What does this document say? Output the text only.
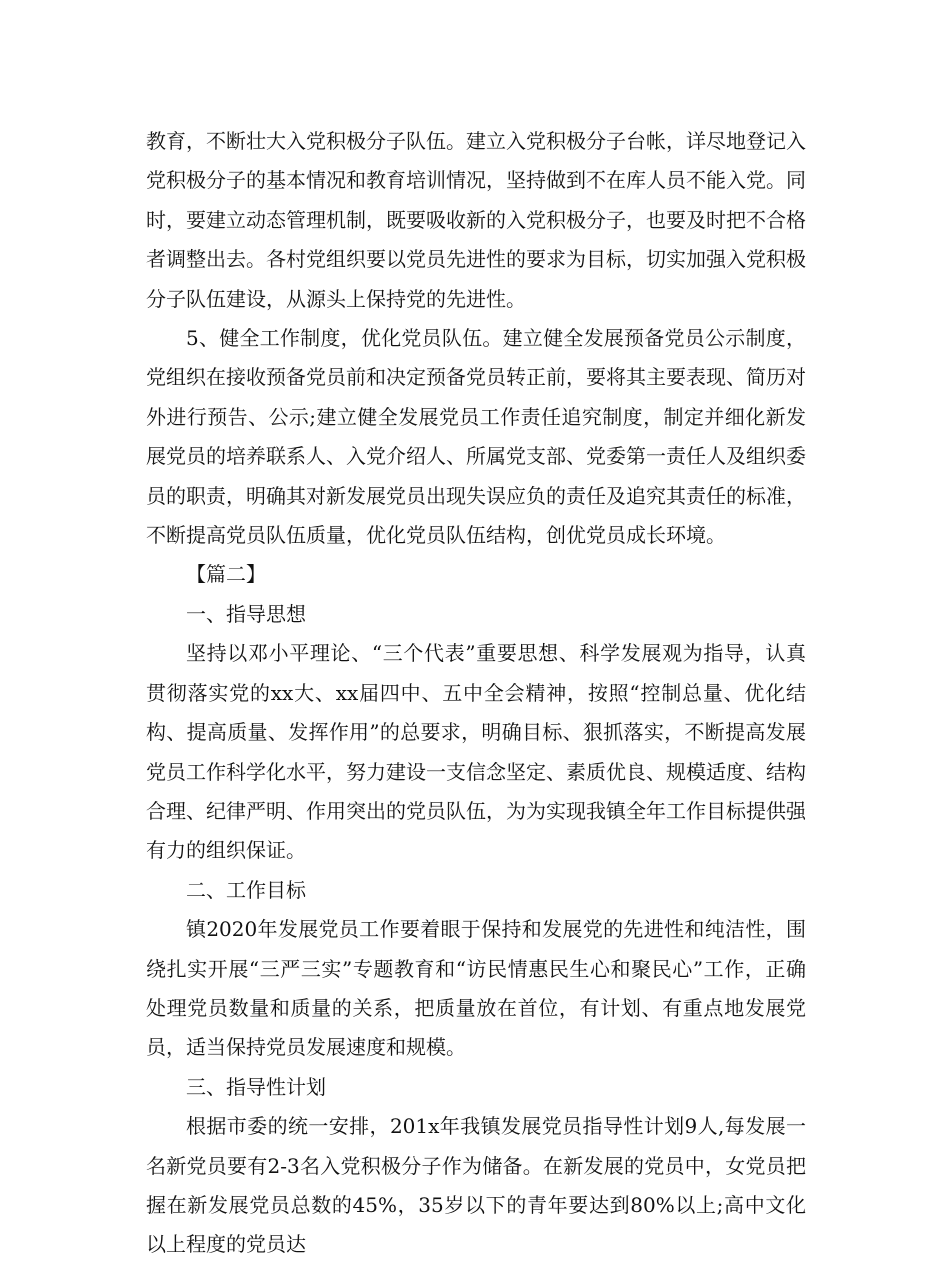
教育，不断壮大入党积极分子队伍。建立入党积极分子台帐，详尽地登记入党积极分子的基本情况和教育培训情况，坚持做到不在库人员不能入党。同时，要建立动态管理机制，既要吸收新的入党积极分子，也要及时把不合格者调整出去。各村党组织要以党员先进性的要求为目标，切实加强入党积极分子队伍建设，从源头上保持党的先进性。

5、健全工作制度，优化党员队伍。建立健全发展预备党员公示制度，党组织在接收预备党员前和决定预备党员转正前，要将其主要表现、简历对外进行预告、公示;建立健全发展党员工作责任追究制度，制定并细化新发展党员的培养联系人、入党介绍人、所属党支部、党委第一责任人及组织委员的职责，明确其对新发展党员出现失误应负的责任及追究其责任的标准，不断提高党员队伍质量，优化党员队伍结构，创优党员成长环境。

【篇二】

一、指导思想

坚持以邓小平理论、“三个代表”重要思想、科学发展观为指导，认真贯彻落实党的xx大、xx届四中、五中全会精神，按照“控制总量、优化结构、提高质量、发挥作用”的总要求，明确目标、狠抓落实，不断提高发展党员工作科学化水平，努力建设一支信念坚定、素质优良、规模适度、结构合理、纪律严明、作用突出的党员队伍，为为实现我镇全年工作目标提供强有力的组织保证。

二、工作目标

镇2020年发展党员工作要着眼于保持和发展党的先进性和纯洁性，围绕扎实开展“三严三实”专题教育和“访民情惠民生心和聚民心”工作，正确处理党员数量和质量的关系，把质量放在首位，有计划、有重点地发展党员，适当保持党员发展速度和规模。

三、指导性计划

根据市委的统一安排，201x年我镇发展党员指导性计划9人,每发展一名新党员要有2-3名入党积极分子作为储备。在新发展的党员中，女党员把握在新发展党员总数的45%，35岁以下的青年要达到80%以上;高中文化以上程度的党员达
